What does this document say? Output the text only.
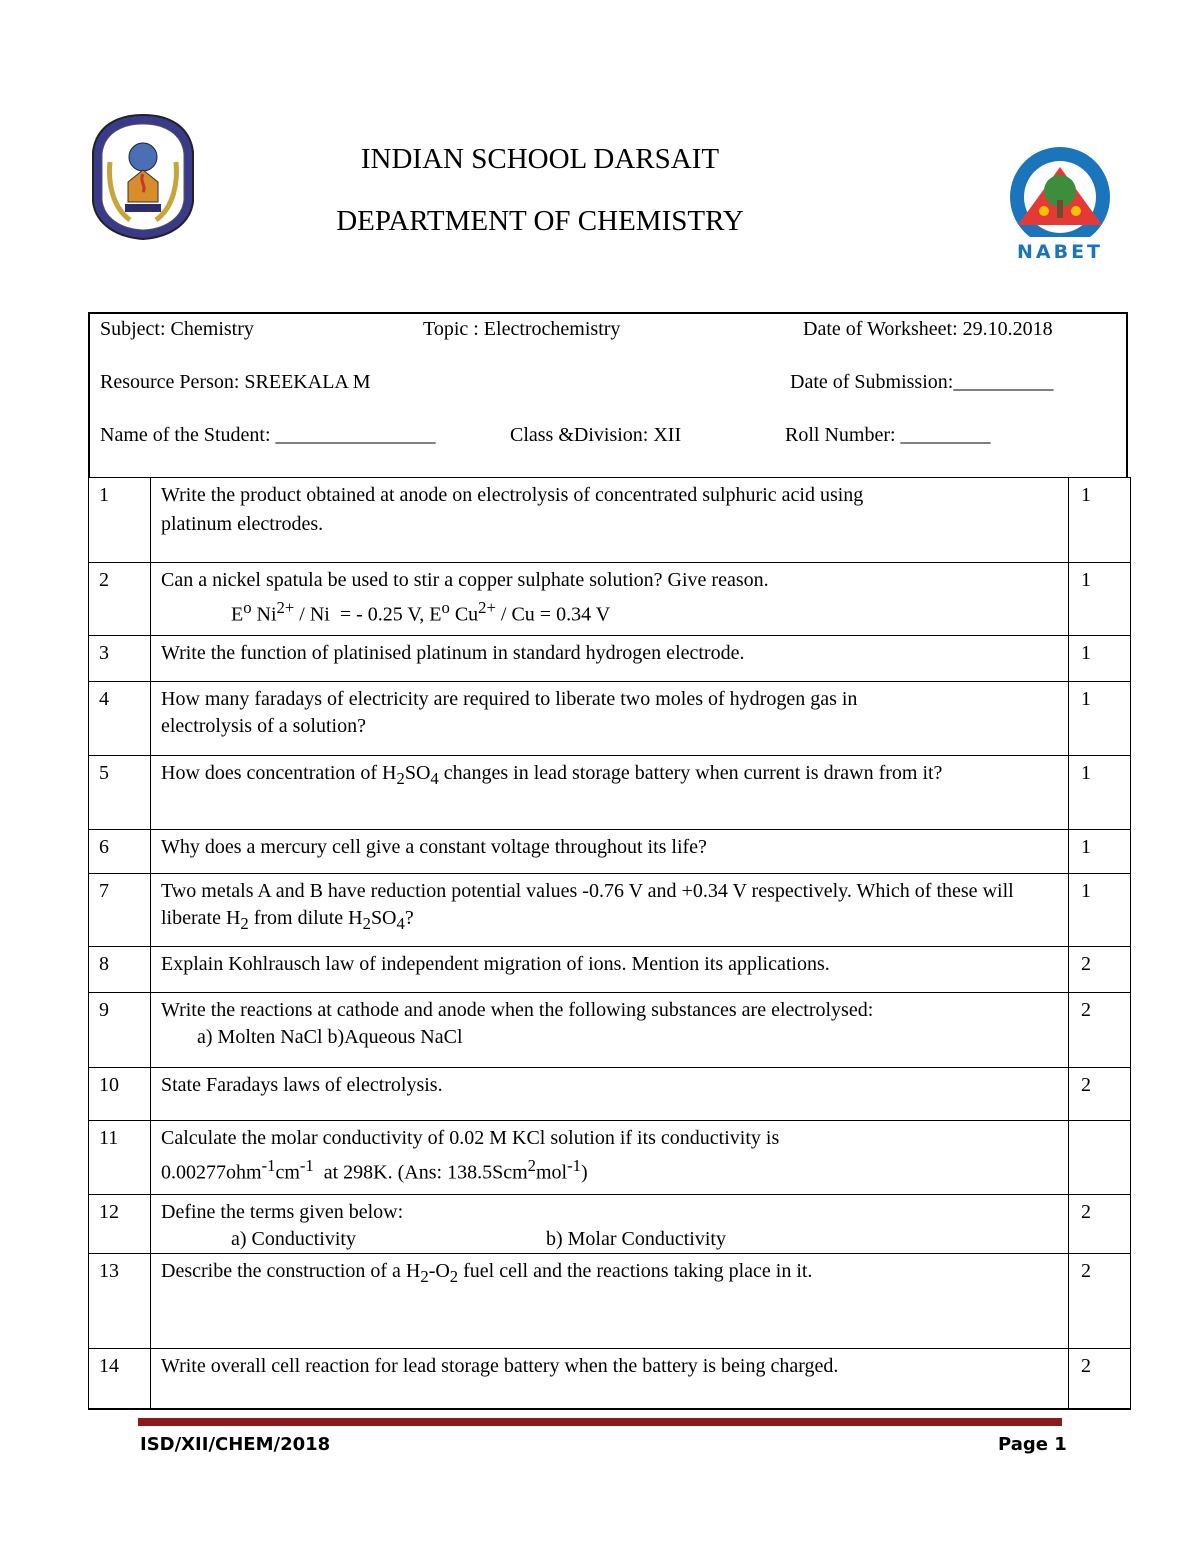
NABET
INDIAN SCHOOL DARSAIT
DEPARTMENT OF CHEMISTRY
Subject: Chemistry	Topic : Electrochemistry	Date of Worksheet: 29.10.2018
Resource Person: SREEKALA M	Date of Submission:__________
Name of the Student: ________________	Class &Division: XII	Roll Number: _________
1	Write the product obtained at anode on electrolysis of concentrated sulphuric acid using
platinum electrodes.	1
2	Can a nickel spatula be used to stir a copper sulphate solution? Give reason.
$E^o$ $Ni^{2+}$ / Ni  = - 0.25 V, $E^o$ $Cu^{2+} / Cu = 0.34$ V	1
3	Write the function of platinised platinum in standard hydrogen electrode.	1
4	How many faradays of electricity are required to liberate two moles of hydrogen gas in
electrolysis of a solution?	1
5	How does concentration of $H_2SO_4$ changes in lead storage battery when current is drawn from it?	1
6	Why does a mercury cell give a constant voltage throughout its life?	1
7	Two metals A and B have reduction potential values -0.76 V and +0.34 V respectively. Which of these will liberate $H_2$ from dilute $H_2SO_4$?	1
8	Explain Kohlrausch law of independent migration of ions. Mention its applications.	2
9	Write the reactions at cathode and anode when the following substances are electrolysed:
a) Molten NaCl b)Aqueous NaCl	2
10	State Faradays laws of electrolysis.	2
11	Calculate the molar conductivity of 0.02 M KCl solution if its conductivity is
$0.00277ohm^{-1}cm^{-1}$  at 298K. (Ans: 138.5Scm$^2$mol$^{-1}$)	

12	Define the terms given below:
a) Conductivity b) Molar Conductivity	2
13	Describe the construction of a $H_2-O_2$ fuel cell and the reactions taking place in it.	2
14	Write overall cell reaction for lead storage battery when the battery is being charged.	2
ISD/XII/CHEM/2018	Page 1
